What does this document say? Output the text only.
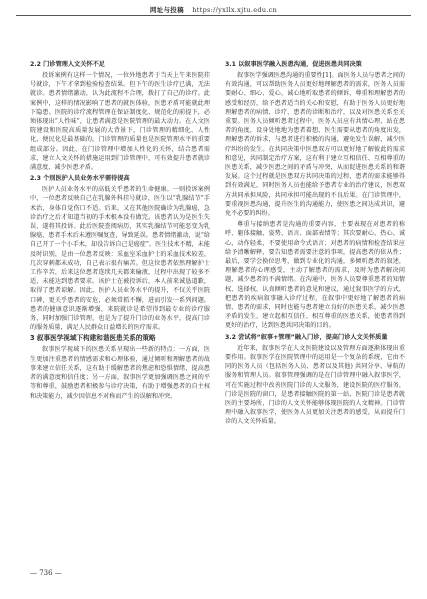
网址与投稿 https://yxllx.xjtu.edu.cn
2.2 门诊管理人文关怀不足

投诉案例有这样一个情况，一位外地患者于当天上午来医院挂号就诊，下午才拿到检验检查结果。但下午的医生诊疗已满，无法就诊。患者情绪激动，认为此流程不合理，拨打了自己的诊疗。此案例中，这样的情况影响了患者的就医体验，医患矛盾可能就此埋下隐患。医院的诊疗流程管理在保证制度化、规范化的前提下，必须体现出“人性味”，让患者满意是医院管理的最大动力。在人文医院建设和医院高质量发展的大背景下，门诊管理的精细化、人性化、便民化是最基础的。门诊管理的质量也是医院管理水平的重要组成部分。因此，在门诊管理中增加人性化的关怀，结合患者需求，建立人文关怀的措施运用到门诊管理中，可有效提升患者就诊满意度，减少医患矛盾。

2.3 个别医护人员业务水平需待提高

医护人员业务水平的高低关乎患者的生命健康。一则投诉案例中，一位患者反映自己在乳腺外科挂号就诊，医生以“乳腺结节”手术治，身体自觉伤口不适。后来，又在其他医院确诊为乳腺癌，急诊治疗之后才知道当初的手术根本没有做完。该患者认为是医生失误，遂将其投诉。此后医院查阅病历，其实乳腺结节可能恶变为乳腺癌，患者手术后未遵医嘱复查，导致延误。患者情绪激动，说“给自己开了一个小手术，却没告诉自己是癌症”。医生技术不精，未能及时识别，是由一位患者反映：采血室采血护士的采血技术较差，几次穿刺都未成功，自己表示很有痛苦。但这位患者依然理解护士工作辛苦，后来这位患者连续几天都来输液，过程中出现了较多不适，未能达到患者要求。该护士在被投诉后，本人前来诚恳道歉，取得了患者谅解。因此，医护人员业务水平的提升，不仅关乎医院口碑，更关乎患者的安危，必须常抓不懈，进而引发一系列问题。患者的健康意识逐渐增强，来院就诊是希望得到最专业的诊疗服务，同时加强门诊管理，也是为了提升门诊的业务水平，提高门诊的服务质量，满足人民群众日益增长的医疗需求。

3 叙事医学视域下构建和谐医患关系的策略

叙事医学视域下的医患关系呈现出一些新的特点：一方面，医生更加注重患者的情感需求和心理体验，通过倾听和理解患者的故事来建立信任关系，这有助于缓解患者的焦虑和恐惧情绪，提高患者的满意度和信任度；另一方面，叙事医学更加强调医患之间的平等和尊重，鼓励患者积极参与诊疗决策，有助于增强患者的自主权和决策能力，减少因信息不对称而产生的误解和冲突。

3.1 以叙事医学融入医患沟通，促进医患共同决策

叙事医学强调医患沟通的重要性[1]。面医务人员与患者之间的有效沟通，可以帮助医务人员更好地理解患者的需求，医务人员需要耐心、细心、爱心、诚心地听取患者的倾诉，尊重和理解患者的感受和经历，给予患者适当的关心和安慰，有助于医务人员更好地理解患者的病情、诊疗、患者的诊断和治疗，以及对医患关系至关重要。医务人员倾听患者过程中，医务人员应有共情心理，站在患者的角度，设身处地地为患者着想，医生需要从患者的角度出发，理解患者的诉求，与患者进行积极的沟通，避免发生误解，减少医疗纠纷的发生。在共同决策中医患双方可以更好地了解彼此的需求和意见，共同制定治疗方案，这有利于建立互相信任、互相尊重的医患关系，减少医患之间的矛盾与冲突，从而促进医患关系的和谐发展。这个过程就是医患双方共同决策的过程，患者的需求能够得到有效满足，同时医务人员也能给予患者专业的治疗建议，医患双方共同承担风险，共同承担可能出现的不良后果。在门诊管理中，要重视医患沟通，提升医生的沟通能力，使医患之间达成共识，避免不必要的纠纷。

尊重与接纳患者是沟通的重要内容，主要表现在对患者的称呼、躯体接触、姿势、语言、面部表情等；其次要耐心、热心、诚心、动作轻柔，不要使用命令式语言；对患者的病情和检查结果应给予清晰解释，要告知患者需要注意的事项，提高患者的依从性；最后，要学会换位思考，做到专业化的沟通，多倾听患者的叙述，理解患者的心理感受，主动了解患者的需求，及时为患者解决问题，减少患者的不满情绪。在沟通中，医务人员要尊重患者的知情权、选择权，认真倾听患者的意见和建议，通过叙事医学的方式，把患者的疾病叙事融入诊疗过程，在叙事中更好地了解患者的病情、患者的需求，同时也能与患者建立良好的医患关系，减少医患矛盾的发生，建立起相互信任、相互尊重的医患关系，使患者得到更好的治疗，达到医患共同决策的目的。

3.2 尝试将“叙事+管理”融入门诊，提高门诊人文关怀质量

近年来，叙事医学在人文医院建设以及管理方面逐渐体现出重要作用。叙事医学在医院管理中的运用是一个复杂的系统，它由不同的医务人员（包括医务人员、患者以及其他) 共同分享、导航的服务和管理人员。叙事管理强调的是在门诊管理中融入叙事医学，可在实施过程中改善医院门诊的人文服务，建设医院的医疗服务，门诊是医院的窗口，是患者接触医院的第一站，医院门诊是患者就医的主要场所，门诊的人文关怀能够体现医院的人文精神。门诊管理中融入叙事医学，使医务人员更加关注患者的感受，从而提升门诊的人文关怀质量。

— 736 —
